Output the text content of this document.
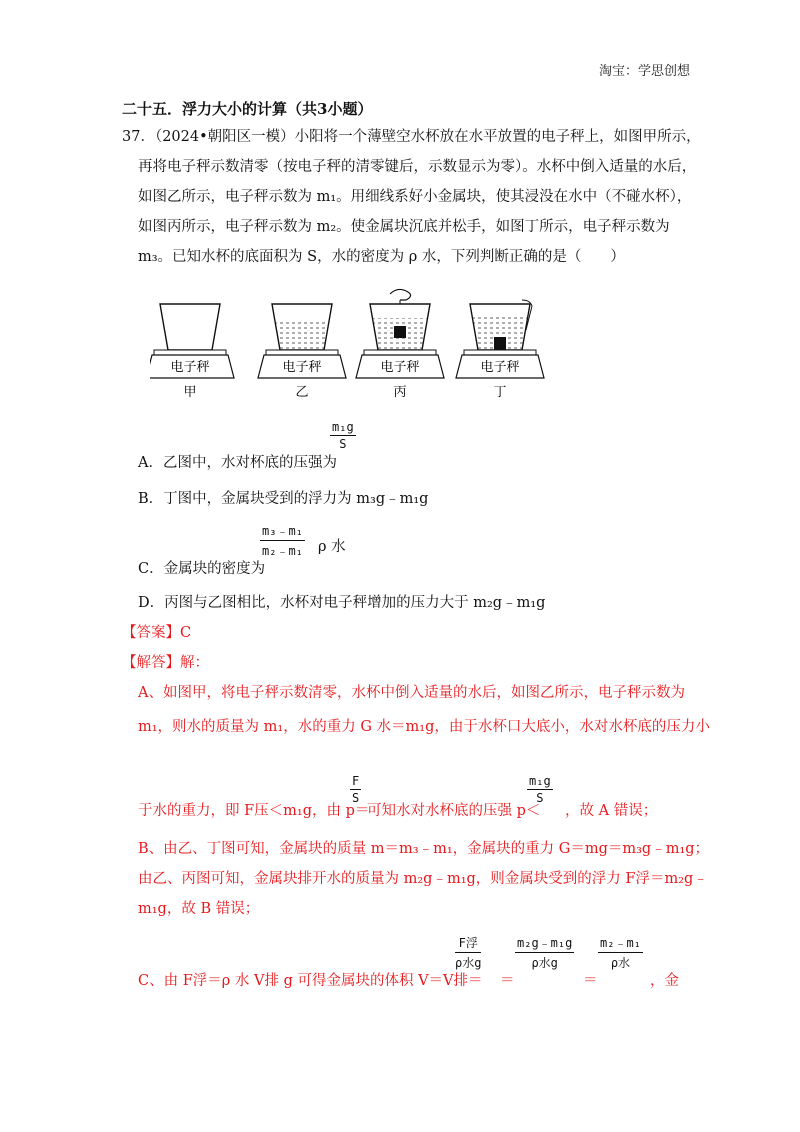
淘宝：学思创想
二十五．浮力大小的计算（共3小题）
37．（2024•朝阳区一模）小阳将一个薄壁空水杯放在水平放置的电子秤上，如图甲所示，
再将电子秤示数清零（按电子秤的清零键后，示数显示为零）。水杯中倒入适量的水后，
如图乙所示，电子秤示数为 m₁。用细线系好小金属块，使其浸没在水中（不碰水杯），
如图丙所示，电子秤示数为 m₂。使金属块沉底并松手，如图丁所示，电子秤示数为
m₃。已知水杯的底面积为 S，水的密度为 ρ 水，下列判断正确的是（　　）
电子秤
甲
电子秤
乙
电子秤
丙
电子秤
丁
$\frac{\text{m₁g}}{S}$
A．乙图中，水对杯底的压强为
B．丁图中，金属块受到的浮力为 m₃g﹣m₁g
$\frac{\text{m₃﹣m₁}}{\text{m₂﹣m₁}}$ ρ 水
C．金属块的密度为
D．丙图与乙图相比，水杯对电子秤增加的压力大于 m₂g﹣m₁g
【答案】C
【解答】解：
A、如图甲，将电子秤示数清零，水杯中倒入适量的水后，如图乙所示，电子秤示数为
m₁，则水的质量为 m₁，水的重力 G 水＝m₁g，由于水杯口大底小，水对水杯底的压力小
于水的重力，即 F压＜m₁g，由 p＝
$\frac{F}{S}$
可知水对水杯底的压强 p＜
$\frac{\text{m₁g}}{S}$
，故 A 错误；
B、由乙、丁图可知，金属块的质量 m＝m₃﹣m₁，金属块的重力 G＝mg＝m₃g﹣m₁g；
由乙、丙图可知，金属块排开水的质量为 m₂g﹣m₁g，则金属块受到的浮力 F浮＝m₂g﹣
m₁g，故 B 错误；
C、由 F浮＝ρ 水 V排 g 可得金属块的体积 V＝V排＝
F浮
ρ水g
＝
m₂g﹣m₁g
ρ水g
＝
m₂﹣m₁
ρ水
，金
